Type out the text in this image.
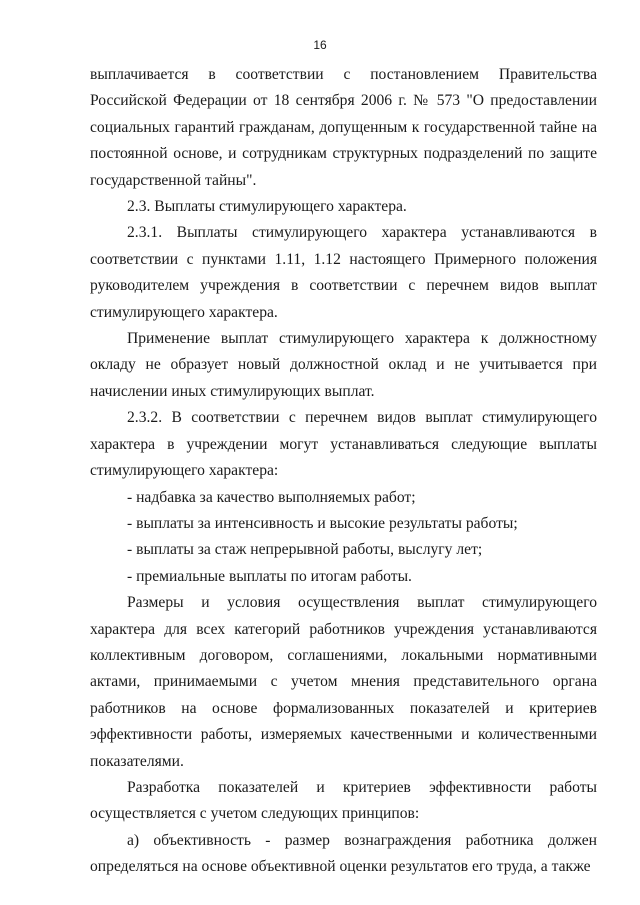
16

выплачивается в соответствии с постановлением Правительства Российской Федерации от 18 сентября 2006 г. № 573 "О предоставлении социальных гарантий гражданам, допущенным к государственной тайне на постоянной основе, и сотрудникам структурных подразделений по защите государственной тайны".

2.3. Выплаты стимулирующего характера.

2.3.1. Выплаты стимулирующего характера устанавливаются в соответствии с пунктами 1.11, 1.12 настоящего Примерного положения руководителем учреждения в соответствии с перечнем видов выплат стимулирующего характера.

Применение выплат стимулирующего характера к должностному окладу не образует новый должностной оклад и не учитывается при начислении иных стимулирующих выплат.

2.3.2. В соответствии с перечнем видов выплат стимулирующего характера в учреждении могут устанавливаться следующие выплаты стимулирующего характера:

- надбавка за качество выполняемых работ;

- выплаты за интенсивность и высокие результаты работы;

- выплаты за стаж непрерывной работы, выслугу лет;

- премиальные выплаты по итогам работы.

Размеры и условия осуществления выплат стимулирующего характера для всех категорий работников учреждения устанавливаются коллективным договором, соглашениями, локальными нормативными актами, принимаемыми с учетом мнения представительного органа работников на основе формализованных показателей и критериев эффективности работы, измеряемых качественными и количественными показателями.

Разработка показателей и критериев эффективности работы осуществляется с учетом следующих принципов:

а) объективность - размер вознаграждения работника должен определяться на основе объективной оценки результатов его труда, а также
